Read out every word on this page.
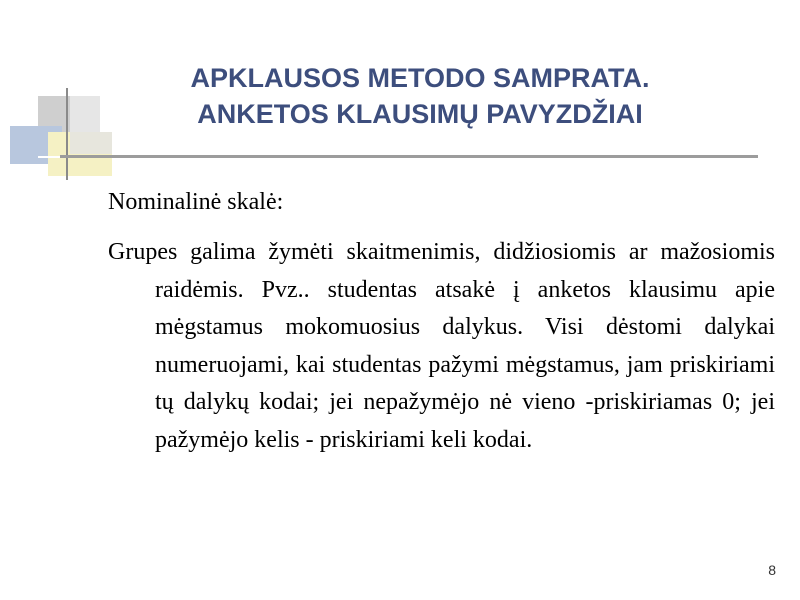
APKLAUSOS METODO SAMPRATA.
ANKETOS KLAUSIMŲ PAVYZDŽIAI

Nominalinė skalė:

Grupes galima žymėti skaitmenimis, didžiosiomis ar mažosiomis raidėmis. Pvz.. studentas atsakė į anketos klausimu apie mėgstamus mokomuosius dalykus. Visi dėstomi dalykai numeruojami, kai studentas pažymi mėgstamus, jam priskiriami tų dalykų kodai; jei nepažymėjo nė vieno -priskiriamas 0; jei pažymėjo kelis - priskiriami keli kodai.

8
